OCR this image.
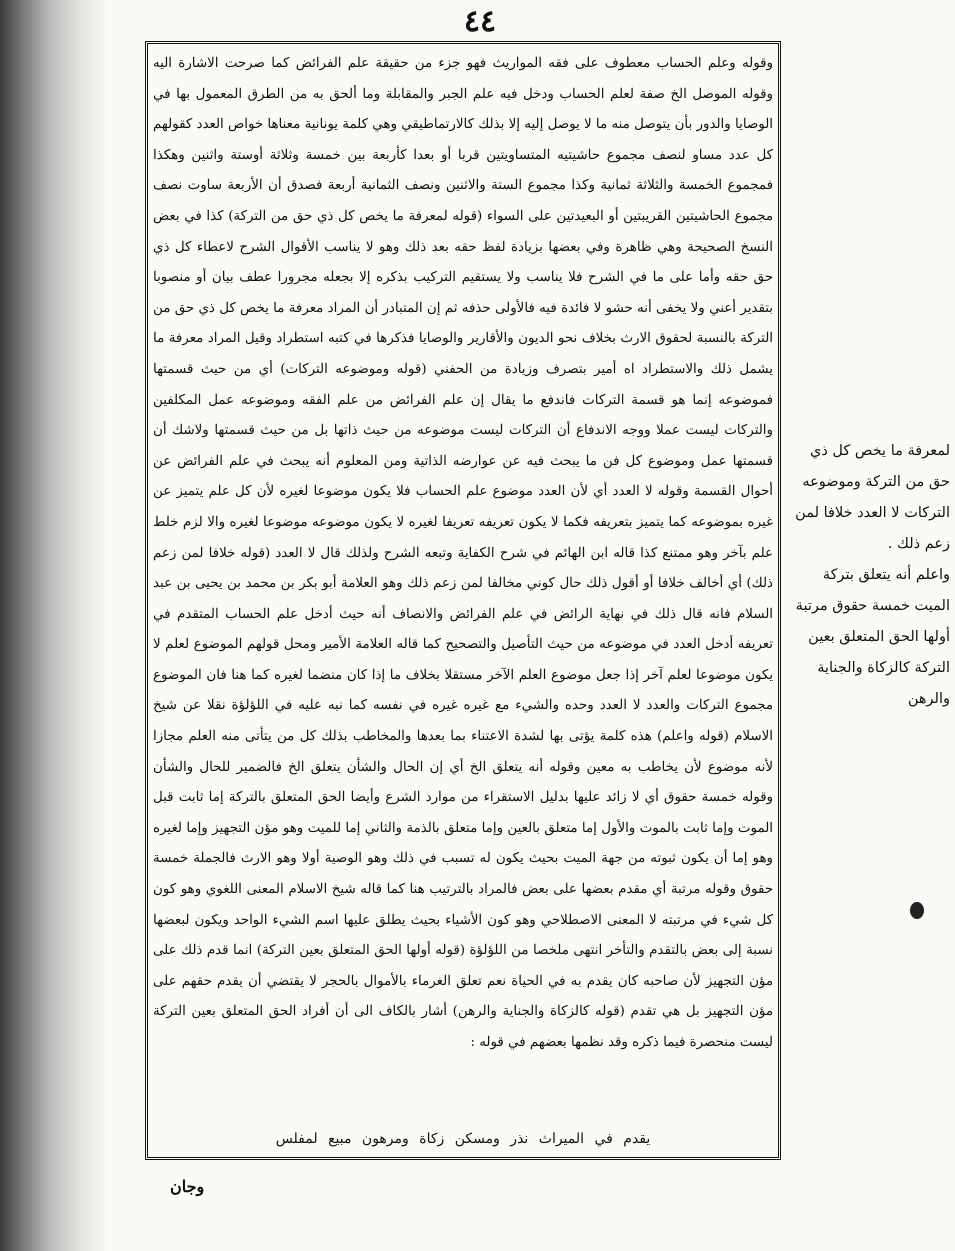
٤٤

وقوله وعلم الحساب معطوف على فقه المواريث فهو جزء من حقيقة علم الفرائض كما صرحت الاشارة اليه وقوله الموصل الخ صفة لعلم الحساب ودخل فيه علم الجبر والمقابلة وما ألحق به من الطرق المعمول بها في الوصايا والدور بأن يتوصل منه ما لا يوصل إليه إلا بذلك كالارتماطيقي وهي كلمة يونانية معناها خواص العدد كقولهم كل عدد مساو لنصف مجموع حاشيتيه المتساويتين قربا أو بعدا كأربعة بين خمسة وثلاثة أوستة واثنين وهكذا فمجموع الخمسة والثلاثة ثمانية وكذا مجموع الستة والاثنين ونصف الثمانية أربعة فصدق أن الأربعة ساوت نصف مجموع الحاشيتين القريبتين أو البعيدتين على السواء (قوله لمعرفة ما يخص كل ذي حق من التركة) كذا في بعض النسخ الصحيحة وهي ظاهرة وفي بعضها بزيادة لفظ حقه بعد ذلك وهو لا يناسب الأقوال الشرح لاعطاء كل ذي حق حقه وأما على ما في الشرح فلا يناسب ولا يستقيم التركيب بذكره إلا بجعله مجرورا عطف بيان أو منصوبا بتقدير أعني ولا يخفى أنه حشو لا فائدة فيه فالأولى حذفه ثم إن المتبادر أن المراد معرفة ما يخص كل ذي حق من التركة بالنسبة لحقوق الارث بخلاف نحو الديون والأقارير والوصايا فذكرها في كتبه استطراد وقيل المراد معرفة ما يشمل ذلك والاستطراد اه أمير بتصرف وزيادة من الحفني (قوله وموضوعه التركات) أي من حيث قسمتها فموضوعه إنما هو قسمة التركات فاندفع ما يقال إن علم الفرائض من علم الفقه وموضوعه عمل المكلفين والتركات ليست عملا ووجه الاندفاع أن التركات ليست موضوعه من حيث ذاتها بل من حيث قسمتها ولاشك أن قسمتها عمل وموضوع كل فن ما يبحث فيه عن عوارضه الذاتية ومن المعلوم أنه يبحث في علم الفرائض عن أحوال القسمة وقوله لا العدد أي لأن العدد موضوع علم الحساب فلا يكون موضوعا لغيره لأن كل علم يتميز عن غيره بموضوعه كما يتميز بتعريفه فكما لا يكون تعريفه تعريفا لغيره لا يكون موضوعه موضوعا لغيره والا لزم خلط علم بآخر وهو ممتنع كذا قاله ابن الهائم في شرح الكفاية وتبعه الشرح ولذلك قال لا العدد (قوله خلافا لمن زعم ذلك) أي أخالف خلافا أو أقول ذلك حال كوني مخالفا لمن زعم ذلك وهو العلامة أبو بكر بن محمد بن يحيى بن عبد السلام فانه قال ذلك في نهاية الرائض في علم الفرائض والانصاف أنه حيث أدخل علم الحساب المتقدم في تعريفه أدخل العدد في موضوعه من حيث التأصيل والتصحيح كما قاله العلامة الأمير ومحل قولهم الموضوع لعلم لا يكون موضوعا لعلم آخر إذا جعل موضوع العلم الآخر مستقلا بخلاف ما إذا كان منضما لغيره كما هنا فان الموضوع مجموع التركات والعدد لا العدد وحده والشيء مع غيره غيره في نفسه كما نبه عليه في اللؤلؤة نقلا عن شيخ الاسلام (قوله واعلم) هذه كلمة يؤتى بها لشدة الاعتناء بما بعدها والمخاطب بذلك كل من يتأتى منه العلم مجازا لأنه موضوع لأن يخاطب به معين وقوله أنه يتعلق الخ أي إن الحال والشأن يتعلق الخ فالضمير للحال والشأن وقوله خمسة حقوق أي لا زائد عليها بدليل الاستقراء من موارد الشرع وأيضا الحق المتعلق بالتركة إما ثابت قبل الموت وإما ثابت بالموت والأول إما متعلق بالعين وإما متعلق بالذمة والثاني إما للميت وهو مؤن التجهيز وإما لغيره وهو إما أن يكون ثبوته من جهة الميت بحيث يكون له تسبب في ذلك وهو الوصية أولا وهو الارث فالجملة خمسة حقوق وقوله مرتبة أي مقدم بعضها على بعض فالمراد بالترتيب هنا كما قاله شيخ الاسلام المعنى اللغوي وهو كون كل شيء في مرتبته لا المعنى الاصطلاحي وهو كون الأشياء بحيث يطلق عليها اسم الشيء الواحد ويكون لبعضها نسبة إلى بعض بالتقدم والتأخر انتهى ملخصا من اللؤلؤة (قوله أولها الحق المتعلق بعين التركة) انما قدم ذلك على مؤن التجهيز لأن صاحبه كان يقدم به في الحياة نعم تعلق الغرماء بالأموال بالحجر لا يقتضي أن يقدم حقهم على مؤن التجهيز بل هي تقدم (قوله كالزكاة والجناية والرهن) أشار بالكاف الى أن أفراد الحق المتعلق بعين التركة ليست منحصرة فيما ذكره وقد نظمها بعضهم في قوله :

يقدم في الميراث نذر ومسكن زكاة ومرهون مبيع لمفلس
وجان
لمعرفة ما يخص كل ذي حق من التركة وموضوعه التركات لا العدد خلافا لمن زعم ذلك .
واعلم أنه يتعلق بتركة الميت خمسة حقوق مرتبة أولها الحق المتعلق بعين التركة كالزكاة والجناية والرهن
